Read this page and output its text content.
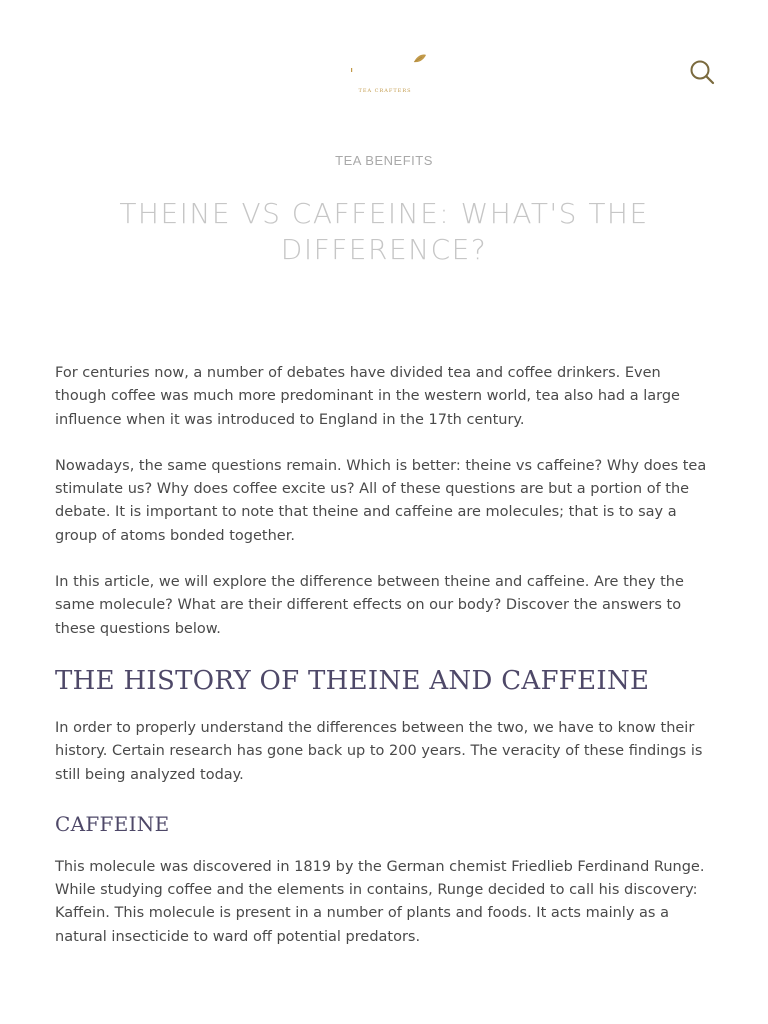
TEA CRAFTERS
TEA BENEFITS
THEINE VS CAFFEINE: WHAT'S THE DIFFERENCE?

For centuries now, a number of debates have divided tea and coffee drinkers. Even though coffee was much more predominant in the western world, tea also had a large influence when it was introduced to England in the 17th century.

Nowadays, the same questions remain. Which is better: theine vs caffeine? Why does tea stimulate us? Why does coffee excite us? All of these questions are but a portion of the debate. It is important to note that theine and caffeine are molecules; that is to say a group of atoms bonded together.

In this article, we will explore the difference between theine and caffeine. Are they the same molecule? What are their different effects on our body? Discover the answers to these questions below.

THE HISTORY OF THEINE AND CAFFEINE

In order to properly understand the differences between the two, we have to know their history. Certain research has gone back up to 200 years. The veracity of these findings is still being analyzed today.

CAFFEINE

This molecule was discovered in 1819 by the German chemist Friedlieb Ferdinand Runge. While studying coffee and the elements in contains, Runge decided to call his discovery: Kaffein. This molecule is present in a number of plants and foods. It acts mainly as a natural insecticide to ward off potential predators.
